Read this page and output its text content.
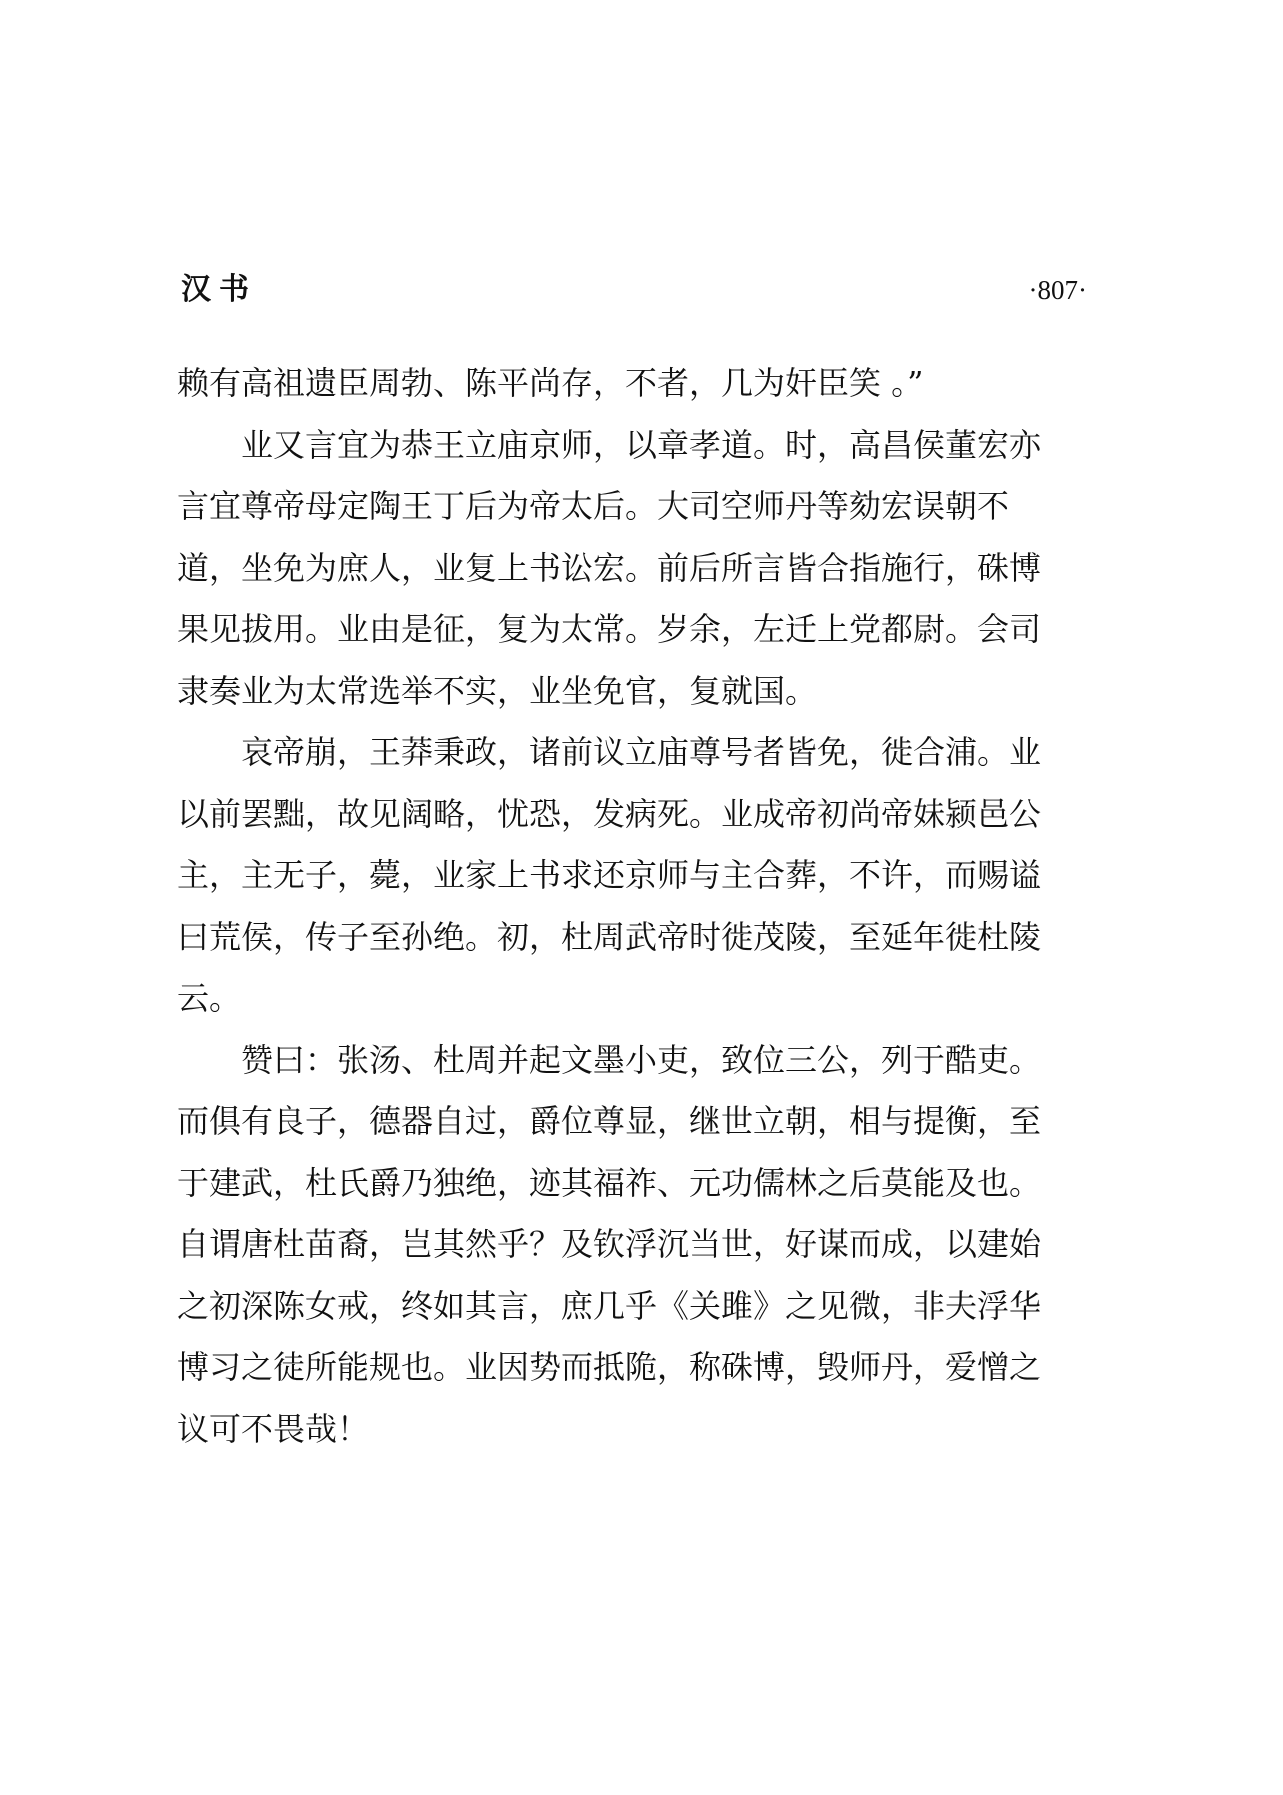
汉书	·807·
赖有高祖遗臣周勃、陈平尚存，不者，几为奸臣笑 。”
业又言宜为恭王立庙京师，以章孝道。时，高昌侯董宏亦
言宜尊帝母定陶王丁后为帝太后。大司空师丹等劾宏误朝不
道，坐免为庶人，业复上书讼宏。前后所言皆合指施行，硃博
果见拔用。业由是征，复为太常。岁余，左迁上党都尉。会司
隶奏业为太常选举不实，业坐免官，复就国。
哀帝崩，王莽秉政，诸前议立庙尊号者皆免，徙合浦。业
以前罢黜，故见阔略，忧恐，发病死。业成帝初尚帝妹颍邑公
主，主无子，薨，业家上书求还京师与主合葬，不许，而赐谥
曰荒侯，传子至孙绝。初，杜周武帝时徙茂陵，至延年徙杜陵
云。
赞曰：张汤、杜周并起文墨小吏，致位三公，列于酷吏。
而俱有良子，德器自过，爵位尊显，继世立朝，相与提衡，至
于建武，杜氏爵乃独绝，迹其福祚、元功儒林之后莫能及也。
自谓唐杜苗裔，岂其然乎？及钦浮沉当世，好谋而成，以建始
之初深陈女戒，终如其言，庶几乎《关雎》之见微，非夫浮华
博习之徒所能规也。业因势而抵陒，称硃博，毁师丹，爱憎之
议可不畏哉！
